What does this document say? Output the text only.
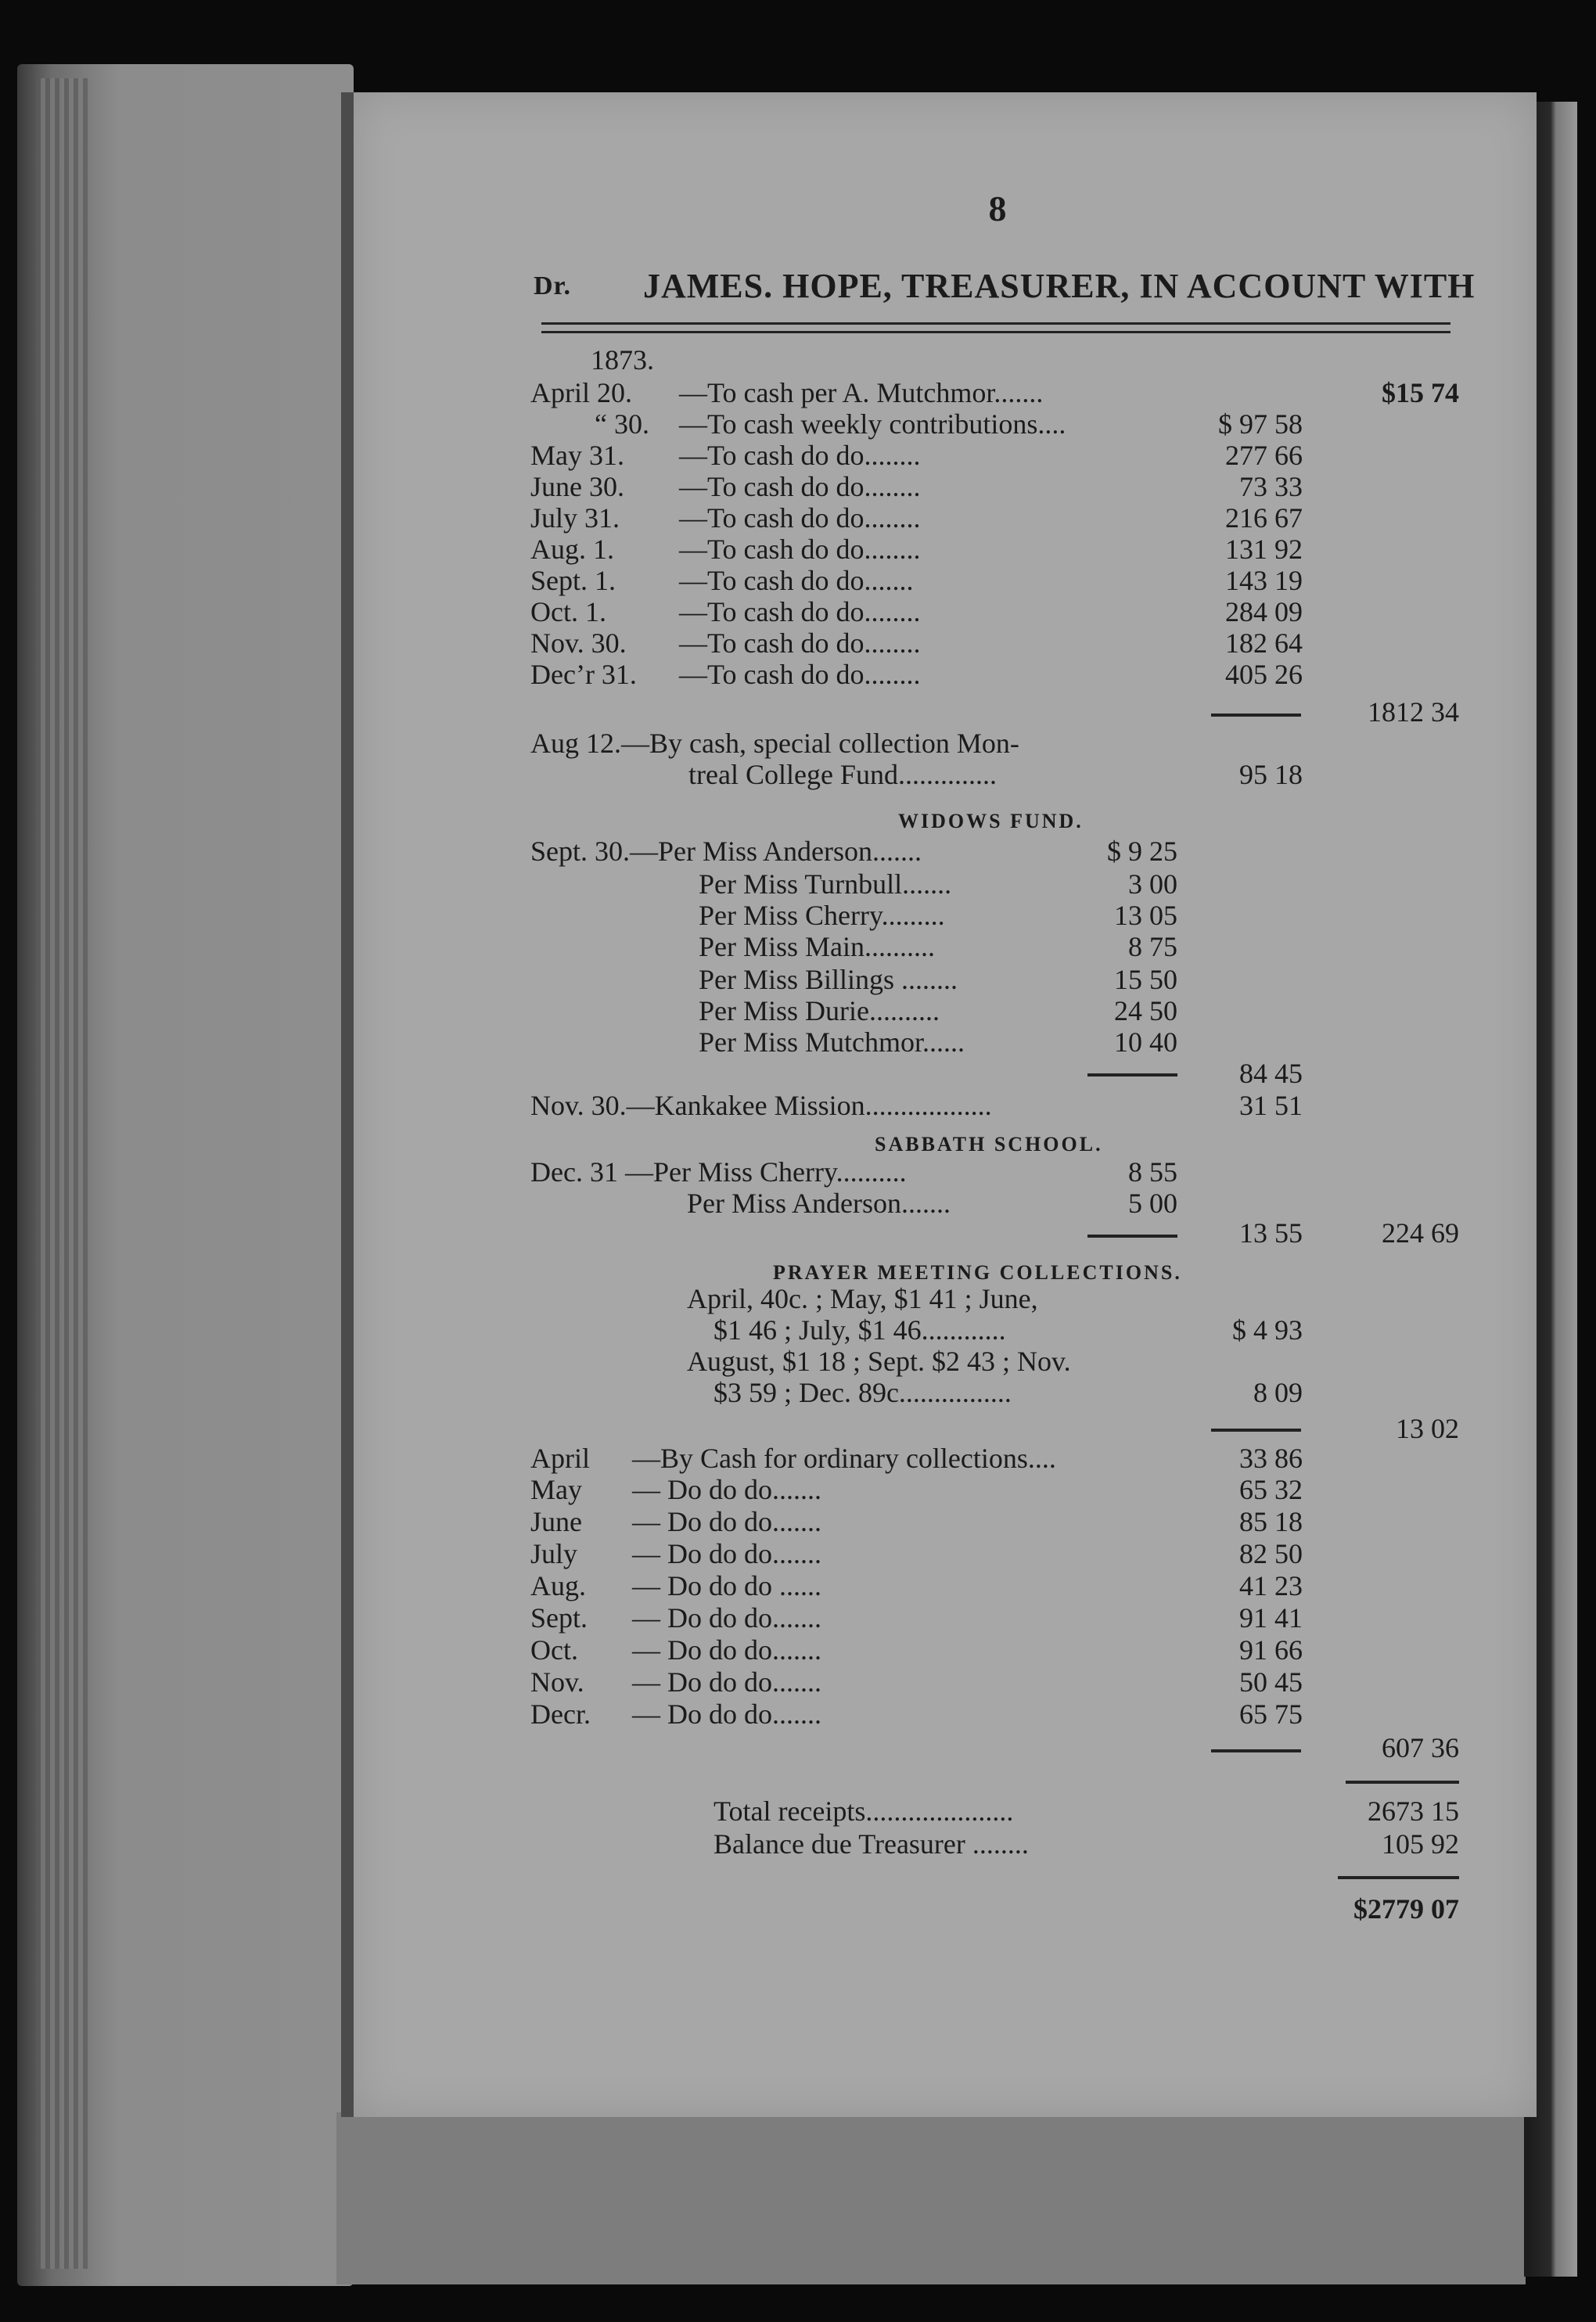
8
Dr. JAMES. HOPE, TREASURER, IN ACCOUNT WITH
1873.
April 20. —To cash per A. Mutchmor.......	$15 74
“ 30. —To cash weekly contributions....	$ 97 58
May 31. —To cash do do........	277 66
June 30. —To cash do do........	73 33
July 31. —To cash do do........	216 67
Aug. 1. —To cash do do........	131 92
Sept. 1. —To cash do do.......	143 19
Oct. 1.	—To cash do do........	284 09
Nov. 30. —To cash do do........	182 64
Dec’r 31. —To cash do do........	405 26
1812 34
Aug 12.—By cash, special collection Mon-
treal College Fund..............	95 18
WIDOWS FUND.
Sept. 30.—Per Miss Anderson.......	$ 9 25
Per Miss Turnbull.......	3 00
Per Miss Cherry.........	13 05
Per Miss Main..........	8 75
Per Miss Billings ........	15 50
Per Miss Durie..........	24 50
Per Miss Mutchmor......	10 40
84 45
Nov. 30.—Kankakee Mission..................	31 51
SABBATH SCHOOL.
Dec. 31 —Per Miss Cherry..........	8 55
Per Miss Anderson.......	5 00
13 55	224 69
PRAYER MEETING COLLECTIONS.
April, 40c. ; May, $1 41 ; June,
$1 46 ; July, $1 46............	$ 4 93
August, $1 18 ; Sept. $2 43 ; Nov.
$3 59 ; Dec. 89c................	8 09
13 02
April —By Cash for ordinary collections....	33 86
May — Do do do.......	65 32
June — Do do do.......	85 18
July — Do do do.......	82 50
Aug. — Do do do ......	41 23
Sept. — Do do do.......	91 41
Oct. — Do do do.......	91 66
Nov. — Do do do.......	50 45
Decr. — Do do do.......	65 75
607 36
Total receipts.....................	2673 15
Balance due Treasurer ........	105 92
$2779 07
